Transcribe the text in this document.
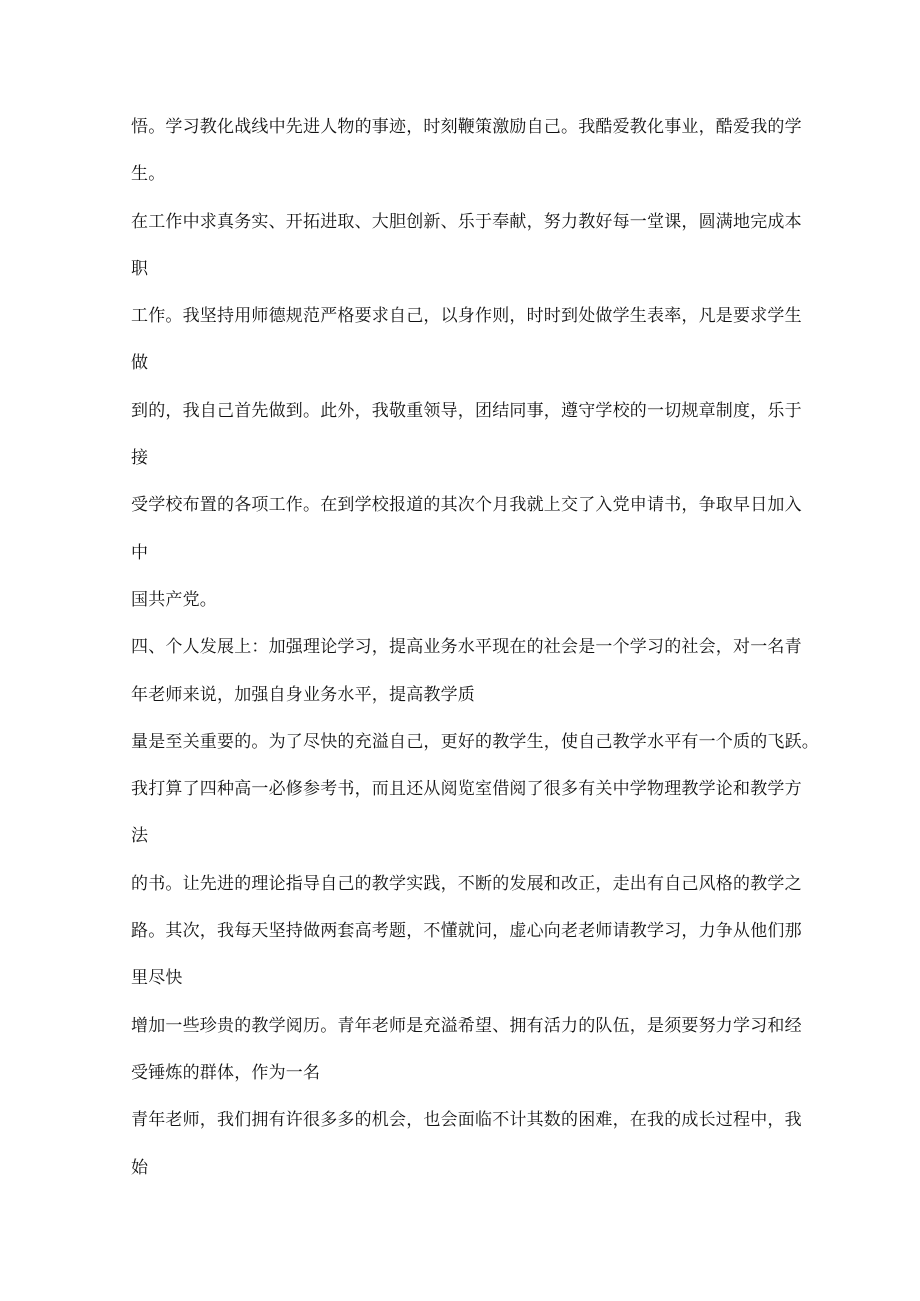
悟。学习教化战线中先进人物的事迹，时刻鞭策激励自己。我酷爱教化事业，酷爱我的学
生。
在工作中求真务实、开拓进取、大胆创新、乐于奉献，努力教好每一堂课，圆满地完成本
职
工作。我坚持用师德规范严格要求自己，以身作则，时时到处做学生表率，凡是要求学生
做
到的，我自己首先做到。此外，我敬重领导，团结同事，遵守学校的一切规章制度，乐于
接
受学校布置的各项工作。在到学校报道的其次个月我就上交了入党申请书，争取早日加入
中
国共产党。
四、个人发展上：加强理论学习，提高业务水平现在的社会是一个学习的社会，对一名青
年老师来说，加强自身业务水平，提高教学质
量是至关重要的。为了尽快的充溢自己，更好的教学生，使自己教学水平有一个质的飞跃。
我打算了四种高一必修参考书，而且还从阅览室借阅了很多有关中学物理教学论和教学方
法
的书。让先进的理论指导自己的教学实践，不断的发展和改正，走出有自己风格的教学之
路。其次，我每天坚持做两套高考题，不懂就问，虚心向老老师请教学习，力争从他们那
里尽快
增加一些珍贵的教学阅历。青年老师是充溢希望、拥有活力的队伍，是须要努力学习和经
受锤炼的群体，作为一名
青年老师，我们拥有许很多多的机会，也会面临不计其数的困难，在我的成长过程中，我
始
